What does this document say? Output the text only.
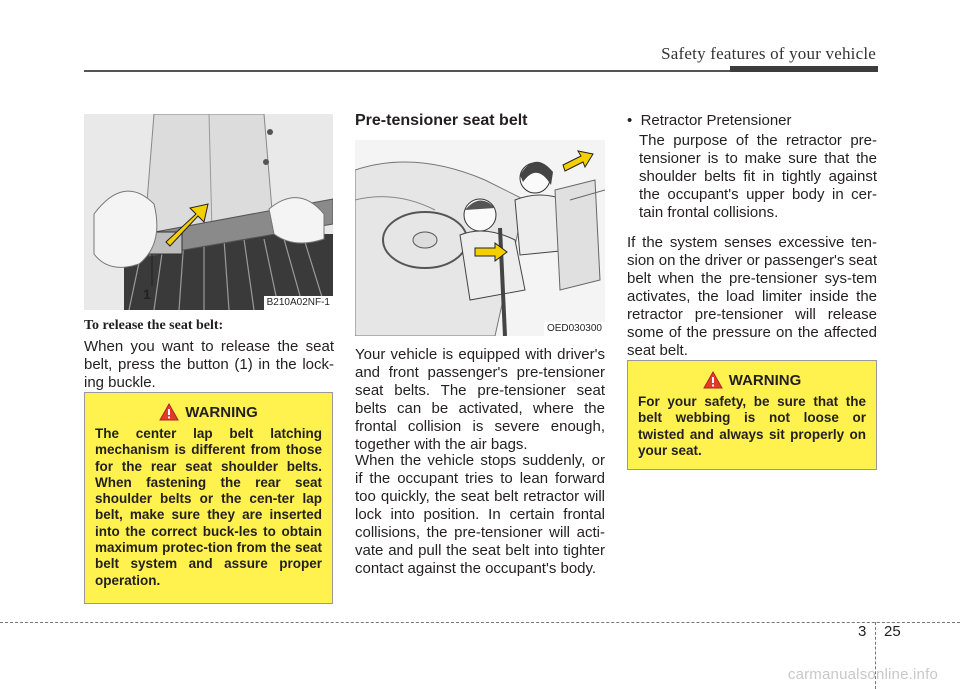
Safety features of your vehicle
1
B210A02NF-1
To release the seat belt:
When you want to release the seat belt, press the button (1) in the lock-ing buckle.
WARNING
The center lap belt latching mechanism is different from those for the rear seat shoulder belts. When fastening the rear seat shoulder belts or the cen-ter lap belt, make sure they are inserted into the correct buck-les to obtain maximum protec-tion from the seat belt system and assure proper operation.
Pre-tensioner seat belt
OED030300
Your vehicle is equipped with driver's and front passenger's pre-tensioner seat belts. The pre-tensioner seat belts can be activated, where the frontal collision is severe enough, together with the air bags.
When the vehicle stops suddenly, or if the occupant tries to lean forward too quickly, the seat belt retractor will lock into position. In certain frontal collisions, the pre-tensioner will acti-vate and pull the seat belt into tighter contact against the occupant's body.
•  Retractor Pretensioner
The purpose of the retractor pre-tensioner is to make sure that the shoulder belts fit in tightly against the occupant's upper body in cer-tain frontal collisions.
If the system senses excessive ten-sion on the driver or passenger's seat belt when the pre-tensioner sys-tem activates, the load limiter inside the retractor pre-tensioner will release some of the pressure on the affected seat belt.
WARNING
For your safety, be sure that the belt webbing is not loose or twisted and always sit properly on your seat.
3 25
carmanualsonline.info
